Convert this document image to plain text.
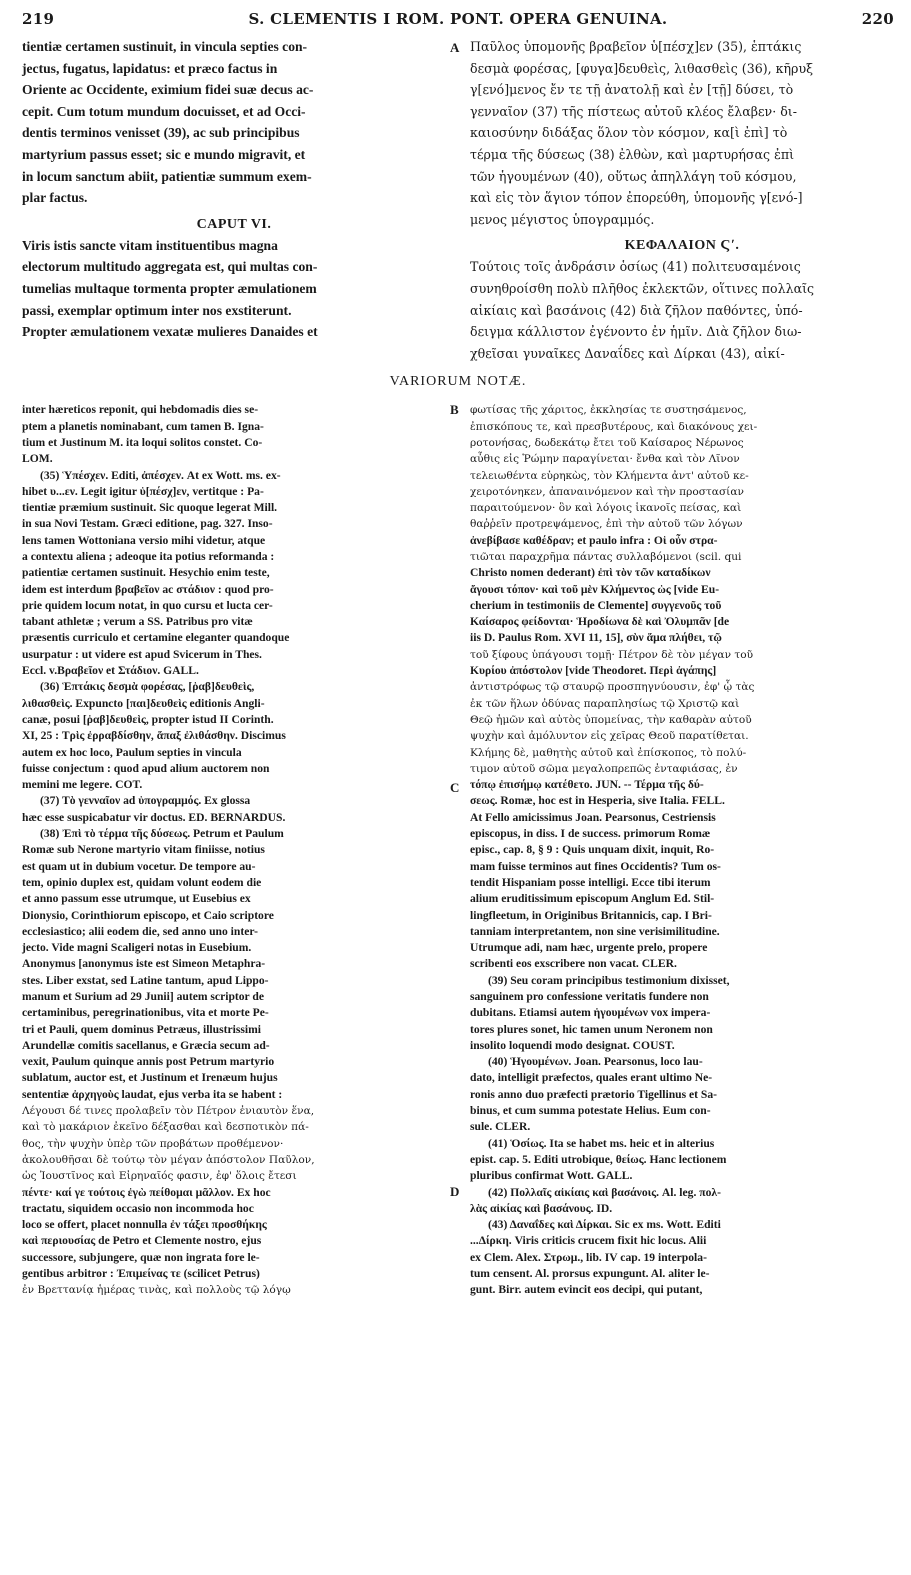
219	S. CLEMENTIS I ROM. PONT. OPERA GENUINA.	220

tientiæ certamen sustinuit, in vincula septies con-

jectus, fugatus, lapidatus: et præco factus in

Oriente ac Occidente, eximium fidei suæ decus ac-

cepit. Cum totum mundum docuisset, et ad Occi-

dentis terminos venisset (39), ac sub principibus

martyrium passus esset; sic e mundo migravit, et

in locum sanctum abiit, patientiæ summum exem-

plar factus.

CAPUT VI.

Viris istis sancte vitam instituentibus magna

electorum multitudo aggregata est, qui multas con-

tumelias multaque tormenta propter æmulationem

passi, exemplar optimum inter nos exstiterunt.

Propter æmulationem vexatæ mulieres Danaides et

A Παῦλος ὑπομονῆς βραβεῖον ὑ[πέσχ]εν (35), ἑπτάκις

δεσμὰ φορέσας, [φυγα]δευθεὶς, λιθασθεὶς (36), κῆρυξ

γ[ενό]μενος ἔν τε τῇ ἀνατολῇ καὶ ἐν [τῇ] δύσει, τὸ

γενναῖον (37) τῆς πίστεως αὐτοῦ κλέος ἔλαβεν· δι-

καιοσύνην διδάξας ὅλον τὸν κόσμον, κα[ὶ ἐπὶ] τὸ

τέρμα τῆς δύσεως (38) ἐλθὼν, καὶ μαρτυρήσας ἐπὶ

τῶν ἡγουμένων (40), οὕτως ἀπηλλάγη τοῦ κόσμου,

καὶ εἰς τὸν ἅγιον τόπον ἐπορεύθη, ὑπομονῆς γ[ενό-]

μενος μέγιστος ὑπογραμμός.

ΚΕΦΑΛΑΙΟΝ Ϛʹ.

Τούτοις τοῖς ἀνδράσιν ὁσίως (41) πολιτευσαμένοις

συνηθροίσθη πολὺ πλῆθος ἐκλεκτῶν, οἵτινες πολλαῖς

αἰκίαις καὶ βασάνοις (42) διὰ ζῆλον παθόντες, ὑπό-

δειγμα κάλλιστον ἐγένοντο ἐν ἡμῖν. Διὰ ζῆλον διω-

χθεῖσαι γυναῖκες Δαναΐδες καὶ Δίρκαι (43), αἰκί-

VARIORUM NOTÆ.

inter hæreticos reponit, qui hebdomadis dies se-

ptem a planetis nominabant, cum tamen B. Igna-

tium et Justinum M. ita loqui solitos constet. Co-

LOM.

(35) Ὑπέσχεν. Editi, ἀπέσχεν. At ex Wott. ms. ex-

hibet υ...εν. Legit igitur ὑ[πέσχ]εν, vertitque : Pa-

tientiæ præmium sustinuit. Sic quoque legerat Mill.

in sua Novi Testam. Græci editione, pag. 327. Inso-

lens tamen Wottoniana versio mihi videtur, atque

a contextu aliena ; adeoque ita potius reformanda :

patientiæ certamen sustinuit. Hesychio enim teste,

idem est interdum βραβεῖον ac στάδιον : quod pro-

prie quidem locum notat, in quo cursu et lucta cer-

tabant athletæ ; verum a SS. Patribus pro vitæ

præsentis curriculo et certamine eleganter quandoque

usurpatur : ut videre est apud Svicerum in Thes.

Eccl. v.Βραβεῖον et Στάδιον. GALL.

(36) Ἑπτάκις δεσμὰ φορέσας, [ῥαβ]δευθεὶς,

λιθασθεὶς. Expuncto [παι]δευθεὶς editionis Angli-

canæ, posui [ῥαβ]δευθεὶς, propter istud II Corinth.

XI, 25 : Τρὶς ἐρραβδίσθην, ἅπαξ ἐλιθάσθην. Discimus

autem ex hoc loco, Paulum septies in vincula

fuisse conjectum : quod apud alium auctorem non

memini me legere. COT.

(37) Τὸ γενναῖον ad ὑπογραμμός. Ex glossa

hæc esse suspicabatur vir doctus. ED. BERNARDUS.

(38) Ἐπὶ τὸ τέρμα τῆς δύσεως. Petrum et Paulum

Romæ sub Nerone martyrio vitam finiisse, notius

est quam ut in dubium vocetur. De tempore au-

tem, opinio duplex est, quidam volunt eodem die

et anno passum esse utrumque, ut Eusebius ex

Dionysio, Corinthiorum episcopo, et Caio scriptore

ecclesiastico; alii eodem die, sed anno uno inter-

jecto. Vide magni Scaligeri notas in Eusebium.

Anonymus [anonymus iste est Simeon Metaphra-

stes. Liber exstat, sed Latine tantum, apud Lippo-

manum et Surium ad 29 Junii] autem scriptor de

certaminibus, peregrinationibus, vita et morte Pe-

tri et Pauli, quem dominus Petræus, illustrissimi

Arundellæ comitis sacellanus, e Græcia secum ad-

vexit, Paulum quinque annis post Petrum martyrio

sublatum, auctor est, et Justinum et Irenæum hujus

sententiæ ἀρχηγοὺς laudat, ejus verba ita se habent :

Λέγουσι δέ τινες προλαβεῖν τὸν Πέτρον ἐνιαυτὸν ἕνα,

καὶ τὸ μακάριον ἐκεῖνο δέξασθαι καὶ δεσποτικὸν πά-

θος, τὴν ψυχὴν ὑπὲρ τῶν προβάτων προθέμενον·

ἀκολουθῆσαι δὲ τούτῳ τὸν μέγαν ἀπόστολον Παῦλον,

ὡς Ἰουστῖνος καὶ Εἰρηναῖός φασιν, ἐφ' ὅλοις ἔτεσι

πέντε· καί γε τούτοις ἐγὼ πείθομαι μᾶλλον. Ex hoc

tractatu, siquidem occasio non incommoda hoc

loco se offert, placet nonnulla ἐν τάξει προσθήκης

καὶ περιουσίας de Petro et Clemente nostro, ejus

successore, subjungere, quæ non ingrata fore le-

gentibus arbitror : Ἐπιμείνας τε (scilicet Petrus)

ἐν Βρεττανίᾳ ἡμέρας τινὰς, καὶ πολλοὺς τῷ λόγῳ

B
C
D

φωτίσας τῆς χάριτος, ἐκκλησίας τε συστησάμενος,

ἐπισκόπους τε, καὶ πρεσβυτέρους, καὶ διακόνους χει-

ροτονήσας, δωδεκάτῳ ἔτει τοῦ Καίσαρος Νέρωνος

αὖθις εἰς Ῥώμην παραγίνεται· ἔνθα καὶ τὸν Λῖνον

τελειωθέντα εὑρηκὼς, τὸν Κλήμεντα ἀντ' αὐτοῦ κε-

χειροτόνηκεν, ἀπαναινόμενον καὶ τὴν προστασίαν

παραιτούμενον· ὃν καὶ λόγοις ἱκανοῖς πείσας, καὶ

θαῤῥεῖν προτρεψάμενος, ἐπὶ τὴν αὐτοῦ τῶν λόγων

ἀνεβίβασε καθέδραν; et paulo infra : Οἱ οὖν στρα-

τιῶται παραχρῆμα πάντας συλλαβόμενοι (scil. qui

Christo nomen dederant) ἐπὶ τὸν τῶν καταδίκων

ἄγουσι τόπον· καὶ τοῦ μὲν Κλήμεντος ὡς [vide Eu-

cherium in testimoniis de Clemente] συγγενοῦς τοῦ

Καίσαρος φείδονται· Ἡροδίωνα δὲ καὶ Ὀλυμπᾶν [de

iis D. Paulus Rom. XVI 11, 15], σὺν ἅμα πλήθει, τῷ

τοῦ ξίφους ὑπάγουσι τομῇ· Πέτρον δὲ τὸν μέγαν τοῦ

Κυρίου ἀπόστολον [vide Theodoret. Περὶ ἀγάπης]

ἀντιστρόφως τῷ σταυρῷ προσπηγνύουσιν, ἐφ' ᾧ τὰς

ἐκ τῶν ἥλων ὀδύνας παραπλησίως τῷ Χριστῷ καὶ

Θεῷ ἡμῶν καὶ αὐτὸς ὑπομείνας, τὴν καθαρὰν αὐτοῦ

ψυχὴν καὶ ἀμόλυντον εἰς χεῖρας Θεοῦ παρατίθεται.

Κλήμης δὲ, μαθητὴς αὐτοῦ καὶ ἐπίσκοπος, τὸ πολύ-

τιμον αὐτοῦ σῶμα μεγαλοπρεπῶς ἐνταφιάσας, ἐν

τόπῳ ἐπισήμῳ κατέθετο. JUN. -- Τέρμα τῆς δύ-

σεως. Romæ, hoc est in Hesperia, sive Italia. FELL.

At Fello amicissimus Joan. Pearsonus, Cestriensis

episcopus, in diss. I de success. primorum Romæ

episc., cap. 8, § 9 : Quis unquam dixit, inquit, Ro-

mam fuisse terminos aut fines Occidentis? Tum os-

tendit Hispaniam posse intelligi. Ecce tibi iterum

alium eruditissimum episcopum Anglum Ed. Stil-

lingfleetum, in Originibus Britannicis, cap. I Bri-

tanniam interpretantem, non sine verisimilitudine.

Utrumque adi, nam hæc, urgente prelo, propere

scribenti eos exscribere non vacat. CLER.

(39) Seu coram principibus testimonium dixisset,

sanguinem pro confessione veritatis fundere non

dubitans. Etiamsi autem ἡγουμένων vox impera-

tores plures sonet, hic tamen unum Neronem non

insolito loquendi modo designat. COUST.

(40) Ἡγουμένων. Joan. Pearsonus, loco lau-

dato, intelligit præfectos, quales erant ultimo Ne-

ronis anno duo præfecti prætorio Tigellinus et Sa-

binus, et cum summa potestate Helius. Eum con-

sule. CLER.

(41) Ὁσίως. Ita se habet ms. heic et in alterius

epist. cap. 5. Editi utrobique, θείως. Hanc lectionem

pluribus confirmat Wott. GALL.

(42) Πολλαῖς αἰκίαις καὶ βασάνοις. Al. leg. πολ-

λὰς αἰκίας καὶ βασάνους. ID.

(43) Δαναΐδες καὶ Δίρκαι. Sic ex ms. Wott. Editi

...Δίρκη. Viris criticis crucem fixit hic locus. Alii

ex Clem. Alex. Στρωμ., lib. IV cap. 19 interpola-

tum censent. Al. prorsus expungunt. Al. aliter le-

gunt. Birr. autem evincit eos decipi, qui putant,
